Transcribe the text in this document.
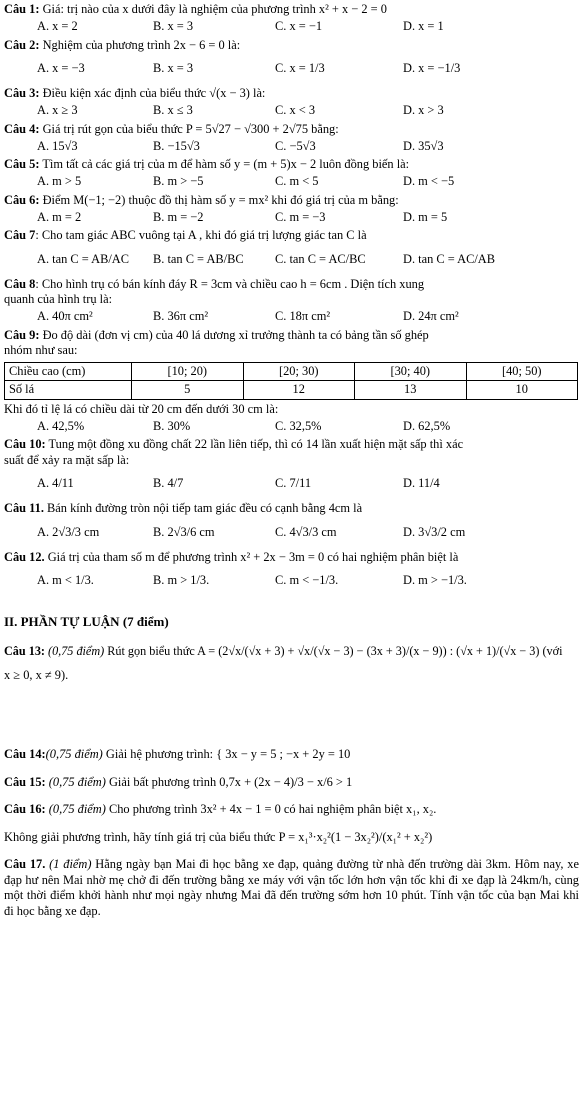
Câu 1: Giá: trị nào của x dưới đây là nghiệm của phương trình x² + x − 2 = 0
A. x = 2	B. x = 3	C. x = −1	D. x = 1
Câu 2: Nghiệm của phương trình 2x − 6 = 0 là:
A. x = −3	B. x = 3	C. x = 1/3	D. x = −1/3
Câu 3: Điều kiện xác định của biểu thức √(x − 3) là:
A. x ≥ 3	B. x ≤ 3	C. x < 3	D. x > 3
Câu 4: Giá trị rút gọn của biểu thức P = 5√27 − √300 + 2√75 bằng:
A. 15√3	B. −15√3	C. −5√3	D. 35√3
Câu 5: Tìm tất cả các giá trị của m để hàm số y = (m + 5)x − 2 luôn đồng biến là:
A. m > 5	B. m > −5	C. m < 5	D. m < −5
Câu 6: Điểm M(−1; −2) thuộc đồ thị hàm số y = mx² khi đó giá trị của m bằng:
A. m = 2	B. m = −2	C. m = −3	D. m = 5
Câu 7: Cho tam giác ABC vuông tại A , khi đó giá trị lượng giác tan C là
A. tan C = AB/AC	B. tan C = AB/BC	C. tan C = AC/BC	D. tan C = AC/AB
Câu 8: Cho hình trụ có bán kính đáy R = 3cm và chiều cao h = 6cm . Diện tích xung
quanh của hình trụ là:
A. 40π cm²	B. 36π cm²	C. 18π cm²	D. 24π cm²
Câu 9: Đo độ dài (đơn vị cm) của 40 lá dương xỉ trưởng thành ta có bảng tần số ghép
nhóm như sau:
Chiều cao (cm)	[10; 20)	[20; 30)	[30; 40)	[40; 50)
Số lá	5	12	13	10
Khi đó tỉ lệ lá có chiều dài từ 20 cm đến dưới 30 cm là:
A. 42,5%	B. 30%	C. 32,5%	D. 62,5%
Câu 10: Tung một đồng xu đồng chất 22 lần liên tiếp, thì có 14 lần xuất hiện mặt sấp thì xác
suất để xảy ra mặt sấp là:
A. 4/11	B. 4/7	C. 7/11	D. 11/4
Câu 11. Bán kính đường tròn nội tiếp tam giác đều có cạnh bằng 4cm là
A. 2√3/3 cm	B. 2√3/6 cm	C. 4√3/3 cm	D. 3√3/2 cm
Câu 12. Giá trị của tham số m để phương trình x² + 2x − 3m = 0 có hai nghiệm phân biệt là
A. m < 1/3.	B. m > 1/3.	C. m < −1/3.	D. m > −1/3.
II. PHẦN TỰ LUẬN (7 điểm)
Câu 13: (0,75 điểm) Rút gọn biểu thức A = (2√x/(√x + 3) + √x/(√x − 3) − (3x + 3)/(x − 9)) : (√x + 1)/(√x − 3) (với
x ≥ 0, x ≠ 9).
Câu 14:(0,75 điểm) Giải hệ phương trình: { 3x − y = 5 ; −x + 2y = 10
Câu 15: (0,75 điểm) Giải bất phương trình 0,7x + (2x − 4)/3 − x/6 > 1
Câu 16: (0,75 điểm) Cho phương trình 3x² + 4x − 1 = 0 có hai nghiệm phân biệt x₁, x₂.
Không giải phương trình, hãy tính giá trị của biểu thức P = x₁³·x₂²(1 − 3x₂²)/(x₁² + x₂²)
Câu 17. (1 điểm) Hằng ngày bạn Mai đi học bằng xe đạp, quảng đường từ nhà đến trường dài 3km. Hôm nay, xe đạp hư nên Mai nhờ mẹ chở đi đến trường bằng xe máy với vận tốc lớn hơn vận tốc khi đi xe đạp là 24km/h, cùng một thời điểm khởi hành như mọi ngày nhưng Mai đã đến trường sớm hơn 10 phút. Tính vận tốc của bạn Mai khi đi học bằng xe đạp.
